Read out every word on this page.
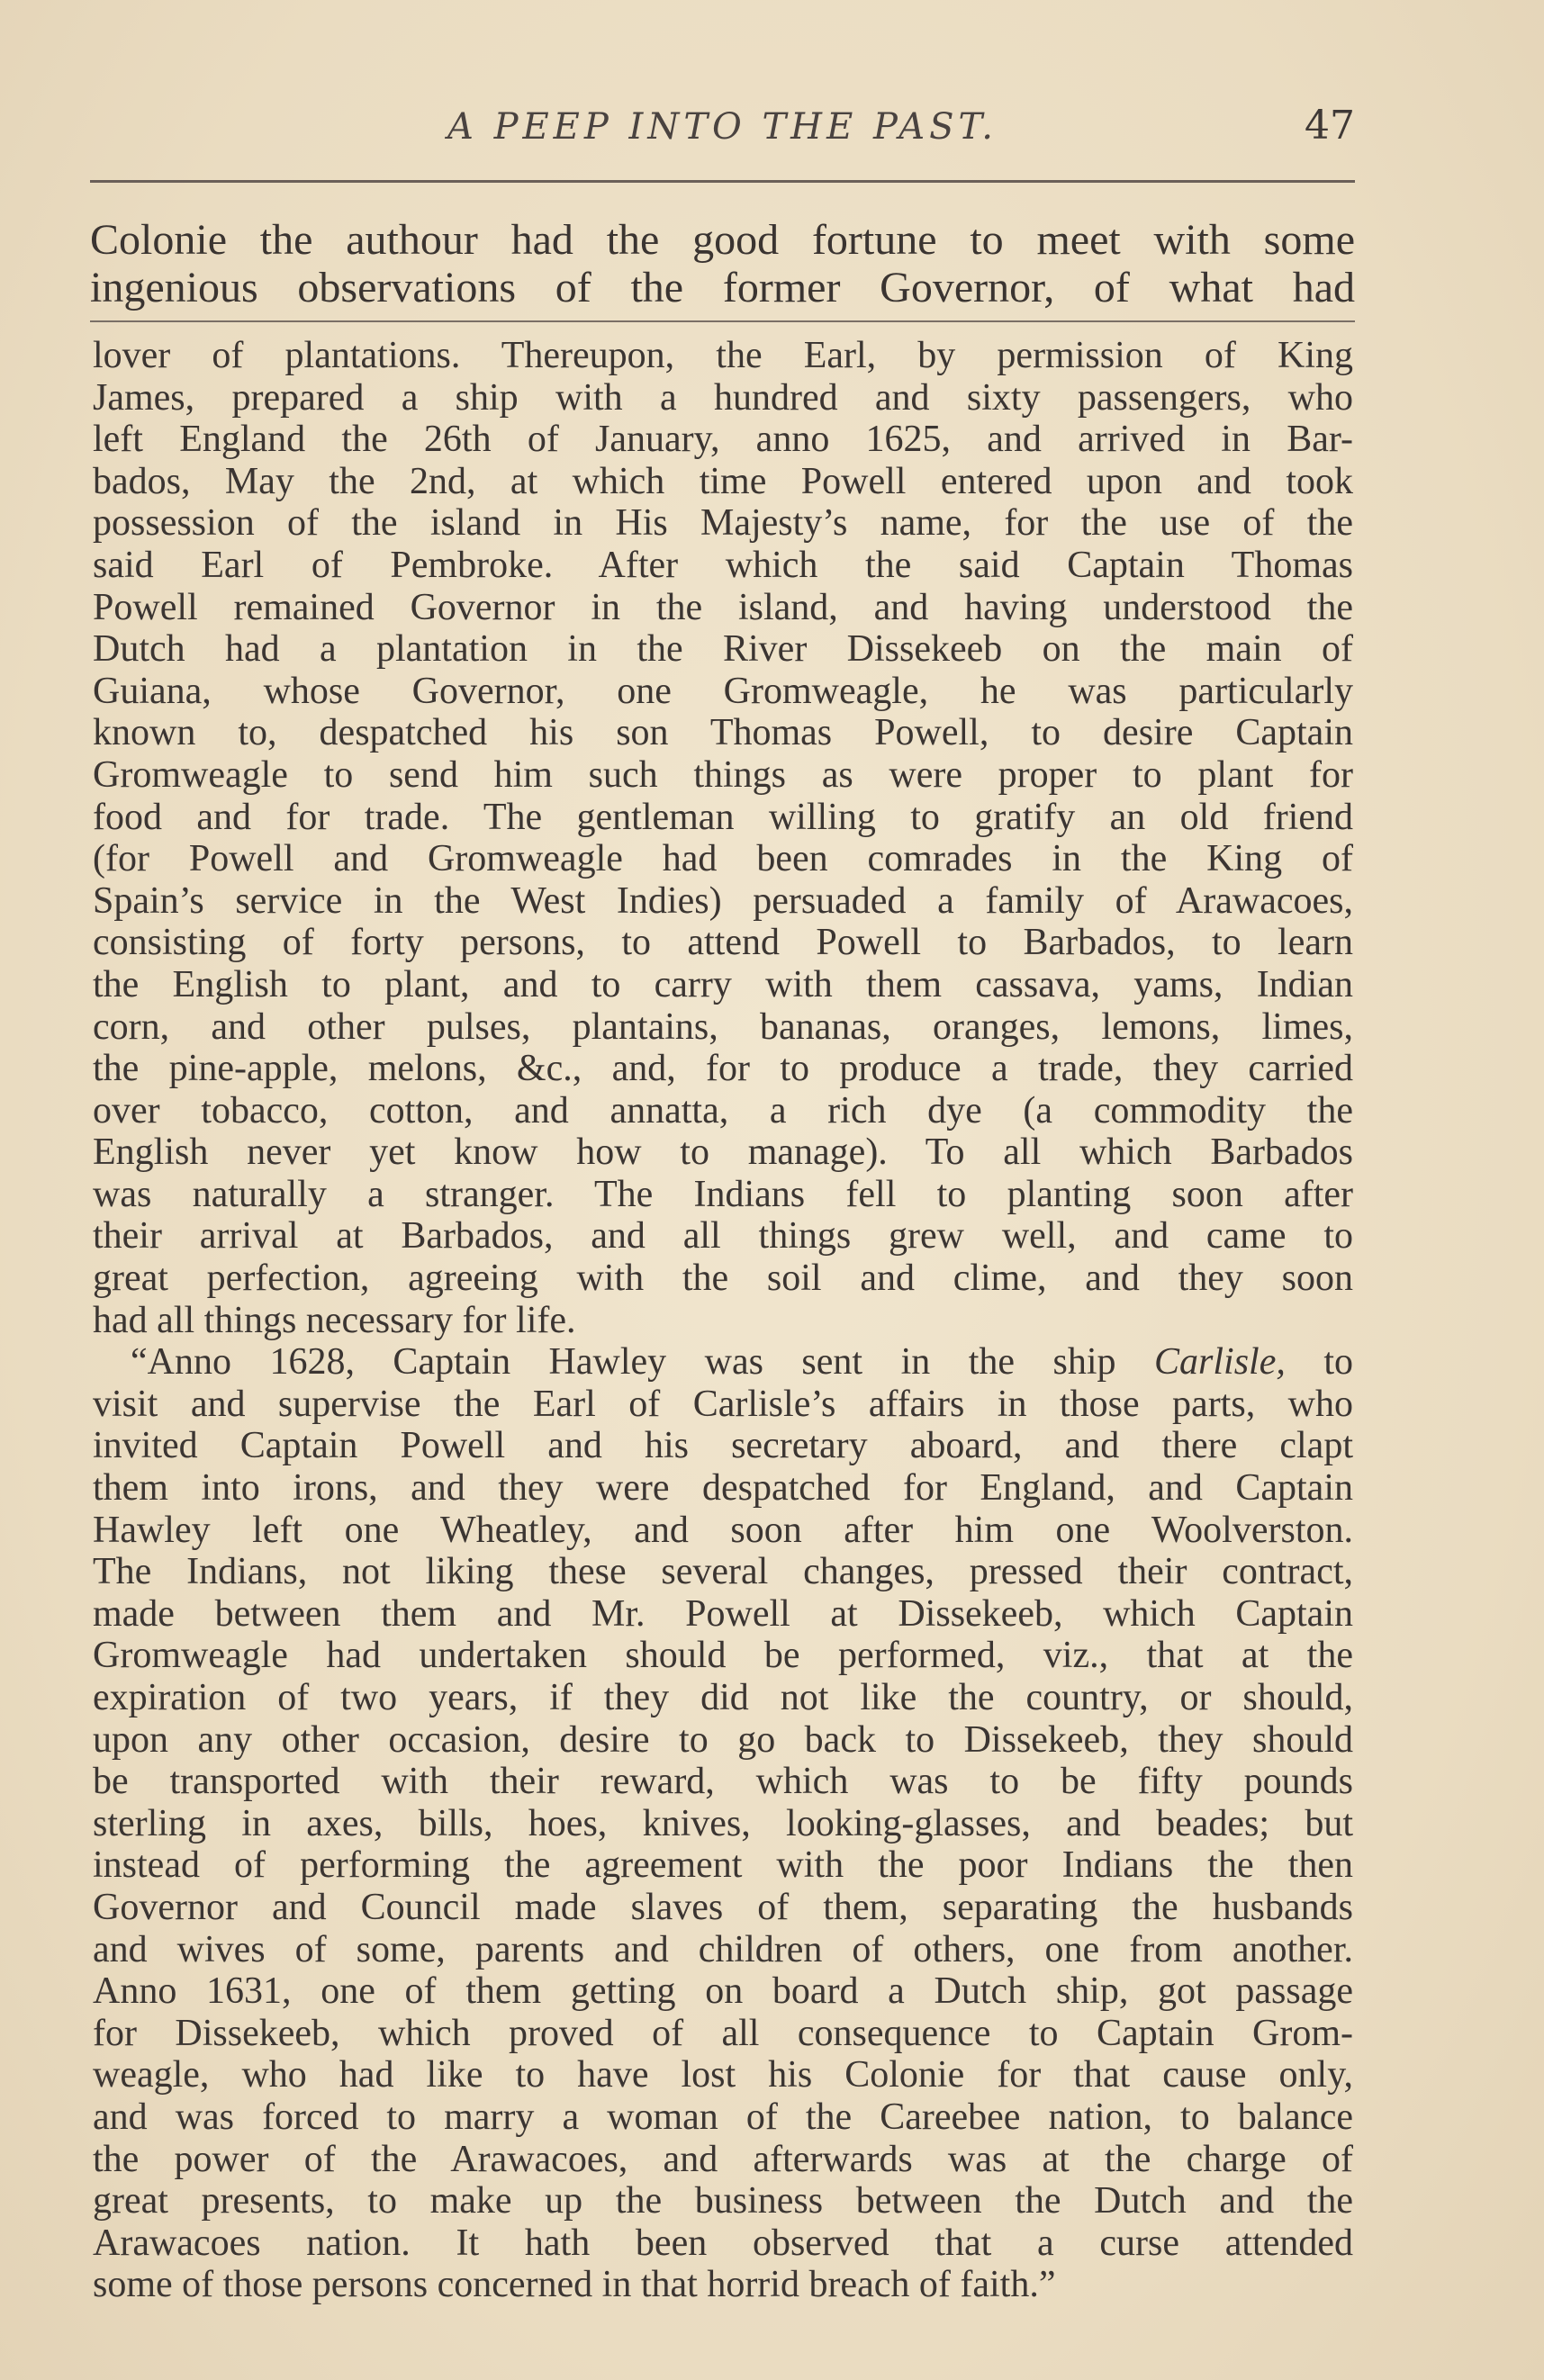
A PEEP INTO THE PAST.	47
Colonie the authour had the good fortune to meet with some
ingenious observations of the former Governor, of what had
lover of plantations. Thereupon, the Earl, by permission of King
James, prepared a ship with a hundred and sixty passengers, who
left England the 26th of January, anno 1625, and arrived in Bar-
bados, May the 2nd, at which time Powell entered upon and took
possession of the island in His Majesty’s name, for the use of the
said Earl of Pembroke. After which the said Captain Thomas
Powell remained Governor in the island, and having understood the
Dutch had a plantation in the River Dissekeeb on the main of
Guiana, whose Governor, one Gromweagle, he was particularly
known to, despatched his son Thomas Powell, to desire Captain
Gromweagle to send him such things as were proper to plant for
food and for trade. The gentleman willing to gratify an old friend
(for Powell and Gromweagle had been comrades in the King of
Spain’s service in the West Indies) persuaded a family of Arawacoes,
consisting of forty persons, to attend Powell to Barbados, to learn
the English to plant, and to carry with them cassava, yams, Indian
corn, and other pulses, plantains, bananas, oranges, lemons, limes,
the pine-apple, melons, &c., and, for to produce a trade, they carried
over tobacco, cotton, and annatta, a rich dye (a commodity the
English never yet know how to manage). To all which Barbados
was naturally a stranger. The Indians fell to planting soon after
their arrival at Barbados, and all things grew well, and came to
great perfection, agreeing with the soil and clime, and they soon
had all things necessary for life.
“Anno 1628, Captain Hawley was sent in the ship Carlisle, to
visit and supervise the Earl of Carlisle’s affairs in those parts, who
invited Captain Powell and his secretary aboard, and there clapt
them into irons, and they were despatched for England, and Captain
Hawley left one Wheatley, and soon after him one Woolverston.
The Indians, not liking these several changes, pressed their contract,
made between them and Mr. Powell at Dissekeeb, which Captain
Gromweagle had undertaken should be performed, viz., that at the
expiration of two years, if they did not like the country, or should,
upon any other occasion, desire to go back to Dissekeeb, they should
be transported with their reward, which was to be fifty pounds
sterling in axes, bills, hoes, knives, looking-glasses, and beades; but
instead of performing the agreement with the poor Indians the then
Governor and Council made slaves of them, separating the husbands
and wives of some, parents and children of others, one from another.
Anno 1631, one of them getting on board a Dutch ship, got passage
for Dissekeeb, which proved of all consequence to Captain Grom-
weagle, who had like to have lost his Colonie for that cause only,
and was forced to marry a woman of the Careebee nation, to balance
the power of the Arawacoes, and afterwards was at the charge of
great presents, to make up the business between the Dutch and the
Arawacoes nation. It hath been observed that a curse attended
some of those persons concerned in that horrid breach of faith.”
